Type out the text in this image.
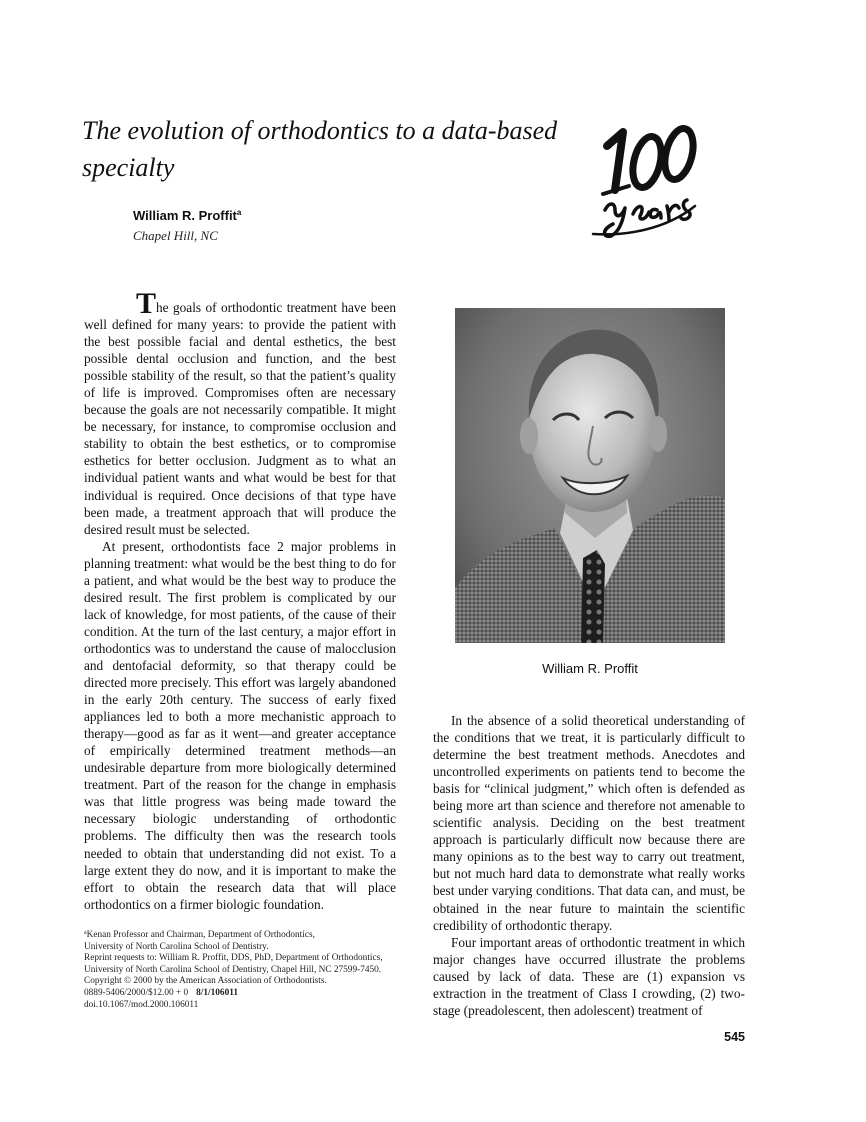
The evolution of orthodontics to a data-based
specialty
William R. Proffit$^a$
Chapel Hill, NC

The goals of orthodontic treatment have been well defined for many years: to provide the patient with the best possible facial and dental esthetics, the best possible dental occlusion and function, and the best possible stability of the result, so that the patient’s quality of life is improved. Compromises often are necessary because the goals are not necessarily compatible. It might be necessary, for instance, to compromise occlusion and stability to obtain the best esthetics, or to compromise esthetics for better occlusion. Judgment as to what an individual patient wants and what would be best for that individual is required. Once decisions of that type have been made, a treatment approach that will produce the desired result must be selected.

At present, orthodontists face 2 major problems in planning treatment: what would be the best thing to do for a patient, and what would be the best way to produce the desired result. The first problem is complicated by our lack of knowledge, for most patients, of the cause of their condition. At the turn of the last century, a major effort in orthodontics was to understand the cause of malocclusion and dentofacial deformity, so that therapy could be directed more precisely. This effort was largely abandoned in the early 20th century. The success of early fixed appliances led to both a more mechanistic approach to therapy—good as far as it went—and greater acceptance of empirically determined treatment methods—an undesirable departure from more biologically determined treatment. Part of the reason for the change in emphasis was that little progress was being made toward the necessary biologic understanding of orthodontic problems. The difficulty then was the research tools needed to obtain that understanding did not exist. To a large extent they do now, and it is important to make the effort to obtain the research data that will place orthodontics on a firmer biologic foundation.

William R. Proffit

In the absence of a solid theoretical understanding of the conditions that we treat, it is particularly difficult to determine the best treatment methods. Anecdotes and uncontrolled experiments on patients tend to become the basis for “clinical judgment,” which often is defended as being more art than science and therefore not amenable to scientific analysis. Deciding on the best treatment approach is particularly difficult now because there are many opinions as to the best way to carry out treatment, but not much hard data to demonstrate what really works best under varying conditions. That data can, and must, be obtained in the near future to maintain the scientific credibility of orthodontic therapy.

Four important areas of orthodontic treatment in which major changes have occurred illustrate the problems caused by lack of data. These are (1) expansion vs extraction in the treatment of Class I crowding, (2) two-stage (preadolescent, then adolescent) treatment of

$^a$Kenan Professor and Chairman, Department of Orthodontics,
University of North Carolina School of Dentistry.
Reprint requests to: William R. Proffit, DDS, PhD, Department of Orthodontics,
University of North Carolina School of Dentistry, Chapel Hill, NC 27599-7450.
Copyright © 2000 by the American Association of Orthodontists.
0889-5406/2000/$12.00 + 0 8/1/106011
doi.10.1067/mod.2000.106011
545
